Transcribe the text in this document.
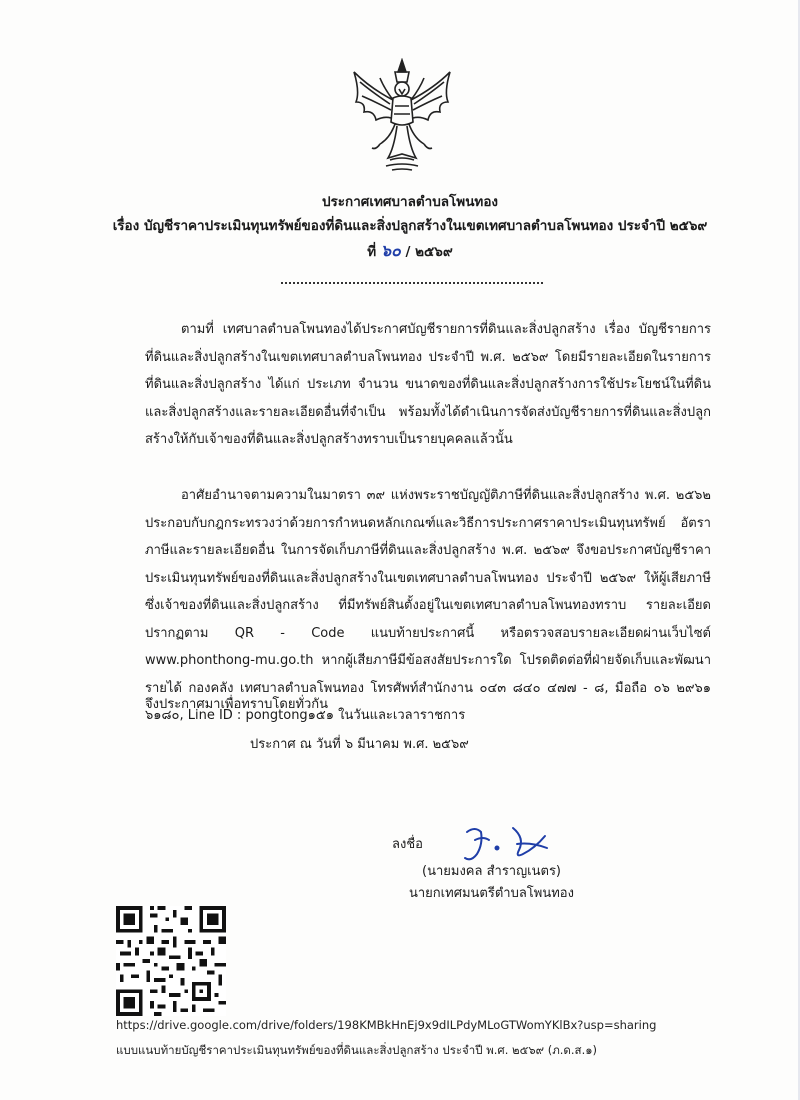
ประกาศเทศบาลตำบลโพนทอง
เรื่อง บัญชีราคาประเมินทุนทรัพย์ของที่ดินและสิ่งปลูกสร้างในเขตเทศบาลตำบลโพนทอง ประจำปี ๒๕๖๙
ที่ ๖๐ / ๒๕๖๙

ตามที่ เทศบาลตำบลโพนทองได้ประกาศบัญชีรายการที่ดินและสิ่งปลูกสร้าง เรื่อง บัญชีรายการที่ดินและสิ่งปลูกสร้างในเขตเทศบาลตำบลโพนทอง ประจำปี พ.ศ. ๒๕๖๙ โดยมีรายละเอียดในรายการที่ดินและสิ่งปลูกสร้าง ได้แก่ ประเภท จำนวน ขนาดของที่ดินและสิ่งปลูกสร้างการใช้ประโยชน์ในที่ดินและสิ่งปลูกสร้างและรายละเอียดอื่นที่จำเป็น พร้อมทั้งได้ดำเนินการจัดส่งบัญชีรายการที่ดินและสิ่งปลูกสร้างให้กับเจ้าของที่ดินและสิ่งปลูกสร้างทราบเป็นรายบุคคลแล้วนั้น

อาศัยอำนาจตามความในมาตรา ๓๙ แห่งพระราชบัญญัติภาษีที่ดินและสิ่งปลูกสร้าง พ.ศ. ๒๕๖๒ ประกอบกับกฎกระทรวงว่าด้วยการกำหนดหลักเกณฑ์และวิธีการประกาศราคาประเมินทุนทรัพย์ อัตราภาษีและรายละเอียดอื่น ในการจัดเก็บภาษีที่ดินและสิ่งปลูกสร้าง พ.ศ. ๒๕๖๙ จึงขอประกาศบัญชีราคาประเมินทุนทรัพย์ของที่ดินและสิ่งปลูกสร้างในเขตเทศบาลตำบลโพนทอง ประจำปี ๒๕๖๙ ให้ผู้เสียภาษีซึ่งเจ้าของที่ดินและสิ่งปลูกสร้าง ที่มีทรัพย์สินตั้งอยู่ในเขตเทศบาลตำบลโพนทองทราบ รายละเอียดปรากฏตาม QR - Code แนบท้ายประกาศนี้ หรือตรวจสอบรายละเอียดผ่านเว็บไซต์ www.phonthong-mu.go.th หากผู้เสียภาษีมีข้อสงสัยประการใด โปรดติดต่อที่ฝ่ายจัดเก็บและพัฒนารายได้ กองคลัง เทศบาลตำบลโพนทอง โทรศัพท์สำนักงาน ๐๔๓ ๘๔๐ ๔๗๗ - ๘, มือถือ ๐๖ ๒๙๖๑ ๖๑๘๐, Line ID : pongtong๑๕๑ ในวันและเวลาราชการ

จึงประกาศมาเพื่อทราบโดยทั่วกัน
ประกาศ ณ วันที่ ๖ มีนาคม พ.ศ. ๒๕๖๙
ลงชื่อ
(นายมงคล สำราญเนตร)
นายกเทศมนตรีตำบลโพนทอง
https://drive.google.com/drive/folders/198KMBkHnEj9x9dILPdyMLoGTWomYKlBx?usp=sharing
แบบแนบท้ายบัญชีราคาประเมินทุนทรัพย์ของที่ดินและสิ่งปลูกสร้าง ประจำปี พ.ศ. ๒๕๖๙ (ภ.ด.ส.๑)
